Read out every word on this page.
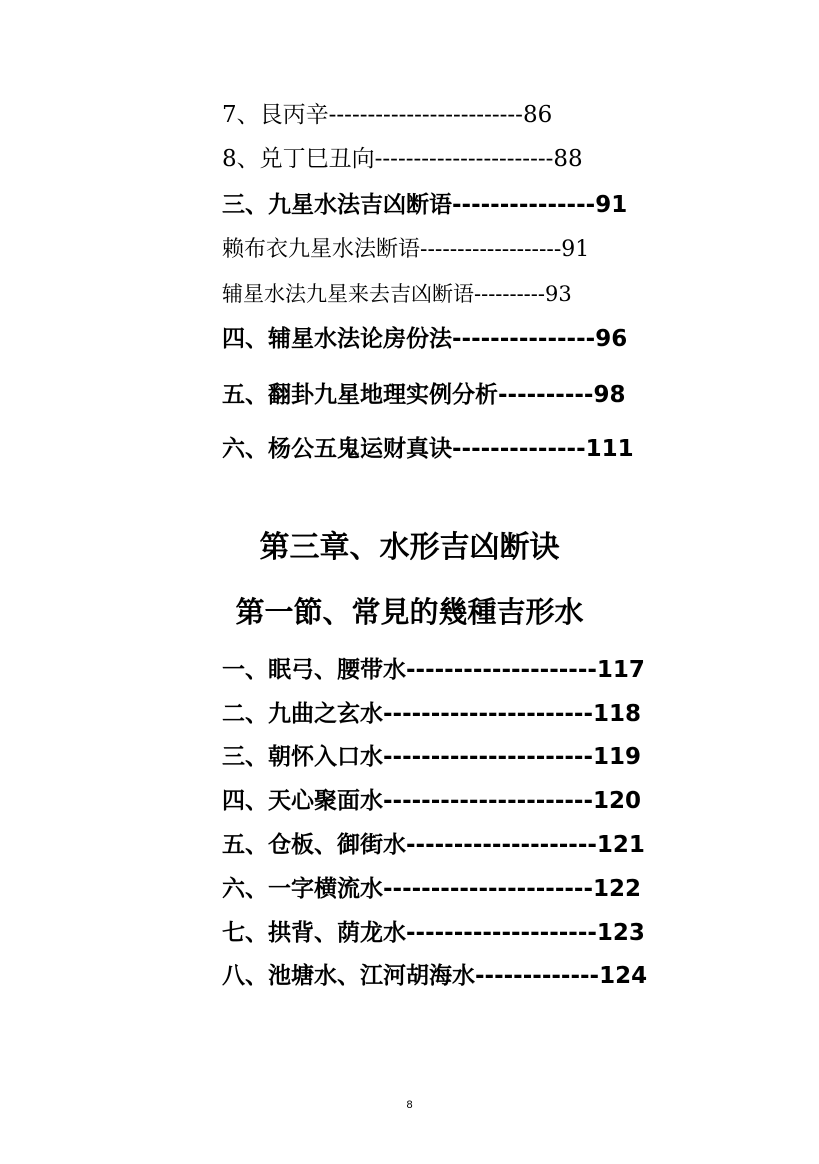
7、艮丙辛-------------------------86
8、兑丁巳丑向-----------------------88
三、九星水法吉凶断语---------------91
赖布衣九星水法断语-------------------91
辅星水法九星来去吉凶断语----------93
四、辅星水法论房份法---------------96
五、翻卦九星地理实例分析----------98
六、杨公五鬼运财真诀--------------111
第三章、水形吉凶断诀
第一節、常見的幾種吉形水
一、眠弓、腰带水--------------------117
二、九曲之玄水----------------------118
三、朝怀入口水----------------------119
四、天心聚面水----------------------120
五、仓板、御街水--------------------121
六、一字横流水----------------------122
七、拱背、荫龙水--------------------123
八、池塘水、江河胡海水-------------124
8
